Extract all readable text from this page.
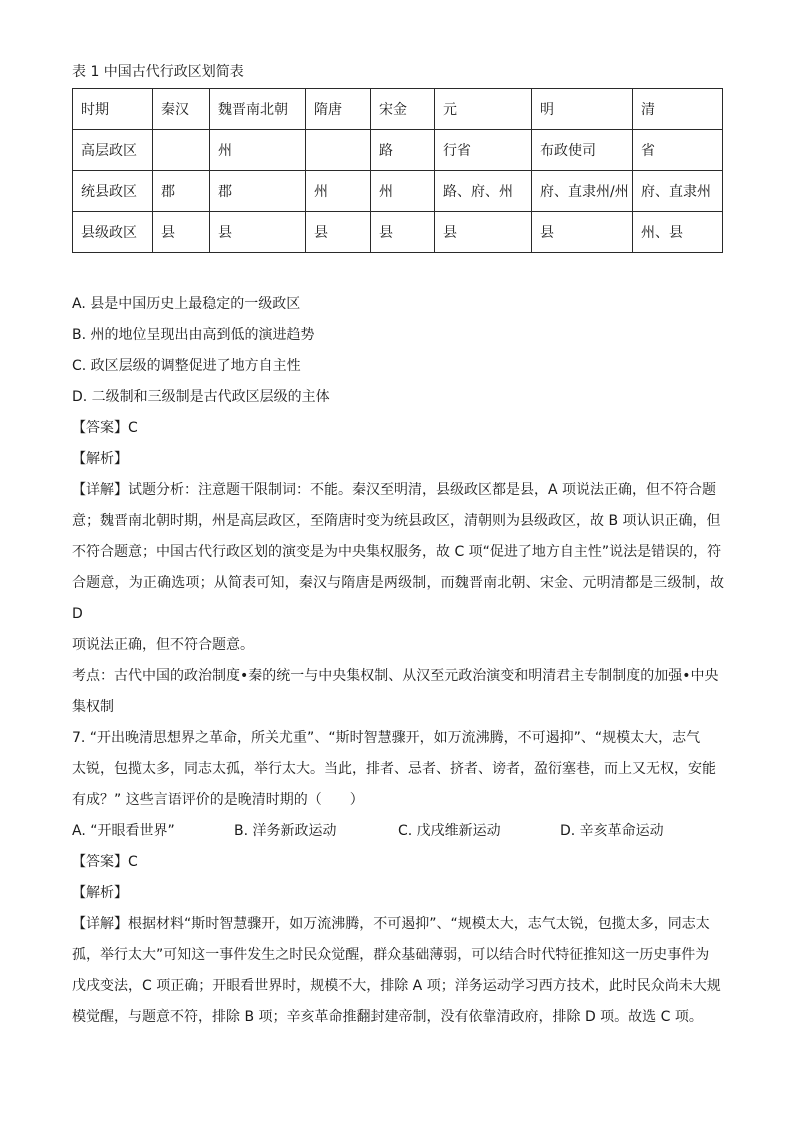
表 1 中国古代行政区划简表

时期	秦汉	魏晋南北朝	隋唐	宋金	元	明	清
高层政区		州		路	行省	布政使司	省
统县政区	郡	郡	州	州	路、府、州	府、直隶州/州	府、直隶州
县级政区	县	县	县	县	县	县	州、县

A. 县是中国历史上最稳定的一级政区

B. 州的地位呈现出由高到低的演进趋势

C. 政区层级的调整促进了地方自主性

D. 二级制和三级制是古代政区层级的主体

【答案】C

【解析】

【详解】试题分析：注意题干限制词：不能。秦汉至明清，县级政区都是县，A 项说法正确，但不符合题

意；魏晋南北朝时期，州是高层政区，至隋唐时变为统县政区，清朝则为县级政区，故 B 项认识正确，但

不符合题意；中国古代行政区划的演变是为中央集权服务，故 C 项“促进了地方自主性”说法是错误的，符

合题意，为正确选项；从简表可知，秦汉与隋唐是两级制，而魏晋南北朝、宋金、元明清都是三级制，故 D

项说法正确，但不符合题意。

考点：古代中国的政治制度•秦的统一与中央集权制、从汉至元政治演变和明清君主专制制度的加强•中央

集权制

7. “开出晚清思想界之革命，所关尤重”、“斯时智慧骤开，如万流沸腾，不可遏抑”、“规模太大，志气

太锐，包揽太多，同志太孤，举行太大。当此，排者、忌者、挤者、谤者，盈衍塞巷，而上又无权，安能

有成？” 这些言语评价的是晚清时期的（　　）

A. “开眼看世界”	B. 洋务新政运动	C. 戊戌维新运动	D. 辛亥革命运动

【答案】C

【解析】

【详解】根据材料“斯时智慧骤开，如万流沸腾，不可遏抑”、“规模太大，志气太锐，包揽太多，同志太

孤，举行太大”可知这一事件发生之时民众觉醒，群众基础薄弱，可以结合时代特征推知这一历史事件为

戊戌变法，C 项正确；开眼看世界时，规模不大，排除 A 项；洋务运动学习西方技术，此时民众尚未大规

模觉醒，与题意不符，排除 B 项；辛亥革命推翻封建帝制，没有依靠清政府，排除 D 项。故选 C 项。
